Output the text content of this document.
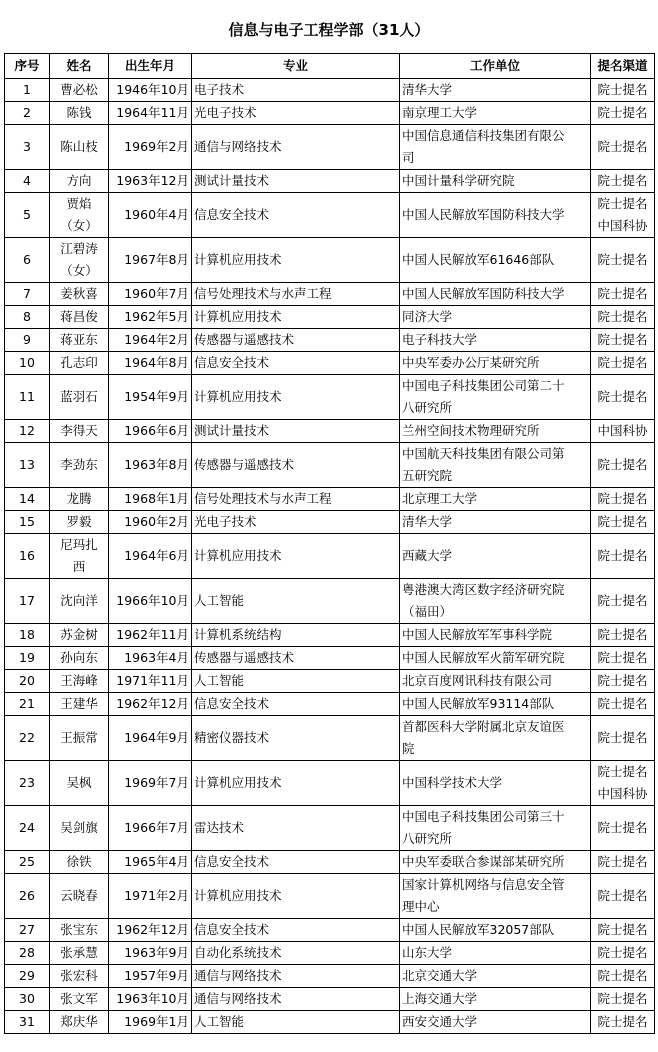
信息与电子工程学部（31人）
序号	姓名	出生年月	专业	工作单位	提名渠道
1	曹必松	1946年10月	电子技术	清华大学	院士提名

2	陈钱	1964年11月	光电子技术	南京理工大学	院士提名

3	陈山枝	1969年2月	通信与网络技术	中国信息通信科技集团有限公
司	院士提名

4	方向	1963年12月	测试计量技术	中国计量科学研究院	院士提名

5	贾焰
（女）	1960年4月	信息安全技术	中国人民解放军国防科技大学	院士提名
中国科协

6	江碧涛
（女）	1967年8月	计算机应用技术	中国人民解放军61646部队	院士提名

7	姜秋喜	1960年7月	信号处理技术与水声工程	中国人民解放军国防科技大学	院士提名

8	蒋昌俊	1962年5月	计算机应用技术	同济大学	院士提名

9	蒋亚东	1964年2月	传感器与遥感技术	电子科技大学	院士提名

10	孔志印	1964年8月	信息安全技术	中央军委办公厅某研究所	院士提名

11	蓝羽石	1954年9月	计算机应用技术	中国电子科技集团公司第二十
八研究所	院士提名

12	李得天	1966年6月	测试计量技术	兰州空间技术物理研究所	中国科协

13	李劲东	1963年8月	传感器与遥感技术	中国航天科技集团有限公司第
五研究院	院士提名

14	龙腾	1968年1月	信号处理技术与水声工程	北京理工大学	院士提名

15	罗毅	1960年2月	光电子技术	清华大学	院士提名

16	尼玛扎
西	1964年6月	计算机应用技术	西藏大学	院士提名

17	沈向洋	1966年10月	人工智能	粤港澳大湾区数字经济研究院
（福田）	院士提名

18	苏金树	1962年11月	计算机系统结构	中国人民解放军军事科学院	院士提名

19	孙向东	1963年4月	传感器与遥感技术	中国人民解放军火箭军研究院	院士提名

20	王海峰	1971年11月	人工智能	北京百度网讯科技有限公司	院士提名

21	王建华	1962年12月	信息安全技术	中国人民解放军93114部队	院士提名

22	王振常	1964年9月	精密仪器技术	首都医科大学附属北京友谊医
院	院士提名

23	吴枫	1969年7月	计算机应用技术	中国科学技术大学	院士提名
中国科协

24	吴剑旗	1966年7月	雷达技术	中国电子科技集团公司第三十
八研究所	院士提名

25	徐铁	1965年4月	信息安全技术	中央军委联合参谋部某研究所	院士提名

26	云晓春	1971年2月	计算机应用技术	国家计算机网络与信息安全管
理中心	院士提名

27	张宝东	1962年12月	信息安全技术	中国人民解放军32057部队	院士提名

28	张承慧	1963年9月	自动化系统技术	山东大学	院士提名

29	张宏科	1957年9月	通信与网络技术	北京交通大学	院士提名

30	张文军	1963年10月	通信与网络技术	上海交通大学	院士提名

31	郑庆华	1969年1月	人工智能	西安交通大学	院士提名
